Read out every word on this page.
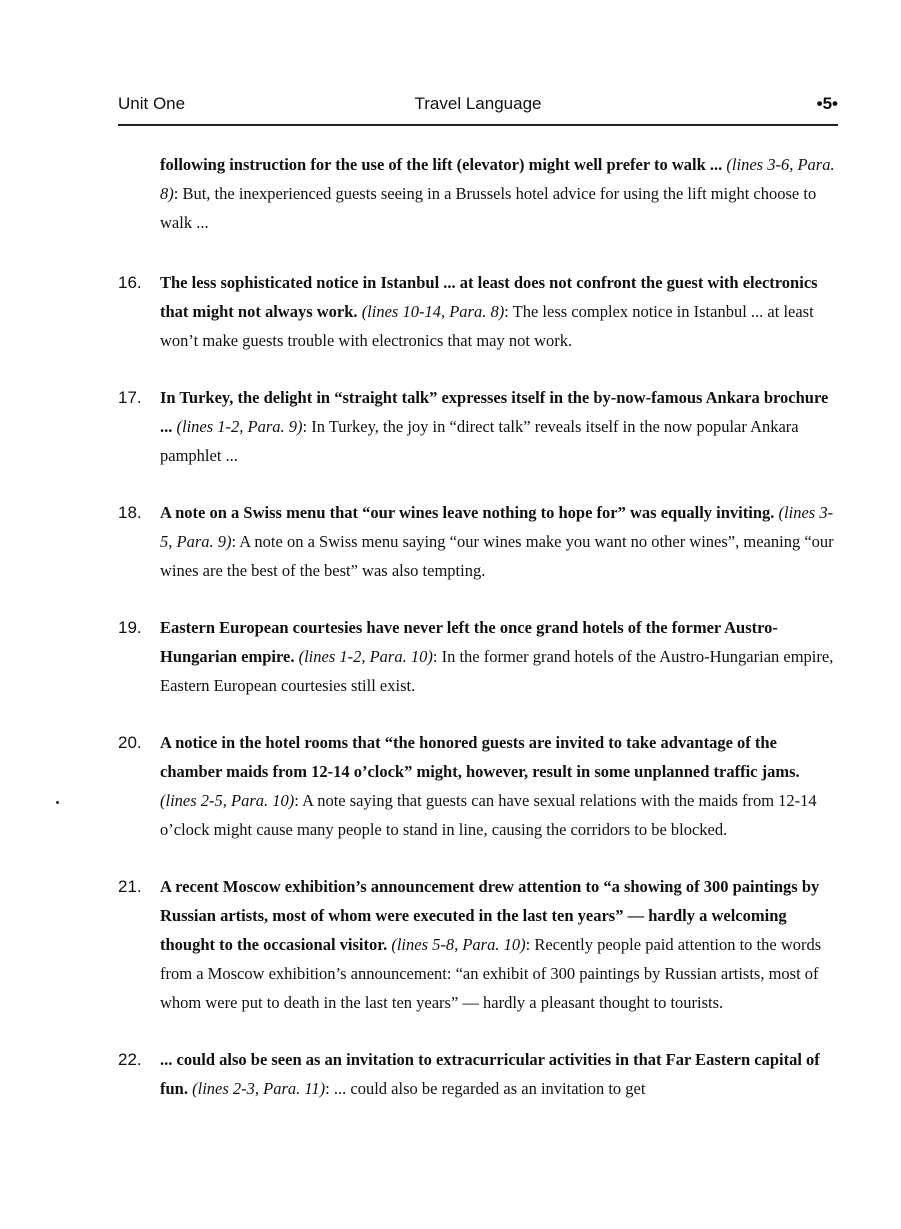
Unit One	Travel Language	•5•
following instruction for the use of the lift (elevator) might well prefer to walk ... (lines 3-6, Para. 8): But, the inexperienced guests seeing in a Brussels hotel advice for using the lift might choose to walk ...
16. The less sophisticated notice in Istanbul ... at least does not confront the guest with electronics that might not always work. (lines 10-14, Para. 8): The less complex notice in Istanbul ... at least won’t make guests trouble with electronics that may not work.
17. In Turkey, the delight in “straight talk” expresses itself in the by-now-famous Ankara brochure ... (lines 1-2, Para. 9): In Turkey, the joy in “direct talk” reveals itself in the now popular Ankara pamphlet ...
18. A note on a Swiss menu that “our wines leave nothing to hope for” was equally inviting. (lines 3-5, Para. 9): A note on a Swiss menu saying “our wines make you want no other wines”, meaning “our wines are the best of the best” was also tempting.
19. Eastern European courtesies have never left the once grand hotels of the former Austro-Hungarian empire. (lines 1-2, Para. 10): In the former grand hotels of the Austro-Hungarian empire, Eastern European courtesies still exist.
20. A notice in the hotel rooms that “the honored guests are invited to take advantage of the chamber maids from 12-14 o’clock” might, however, result in some unplanned traffic jams. (lines 2-5, Para. 10): A note saying that guests can have sexual relations with the maids from 12-14 o’clock might cause many people to stand in line, causing the corridors to be blocked.
21. A recent Moscow exhibition’s announcement drew attention to “a showing of 300 paintings by Russian artists, most of whom were executed in the last ten years” — hardly a welcoming thought to the occasional visitor. (lines 5-8, Para. 10): Recently people paid attention to the words from a Moscow exhibition’s announcement: “an exhibit of 300 paintings by Russian artists, most of whom were put to death in the last ten years” — hardly a pleasant thought to tourists.
22. ... could also be seen as an invitation to extracurricular activities in that Far Eastern capital of fun. (lines 2-3, Para. 11): ... could also be regarded as an invitation to get
